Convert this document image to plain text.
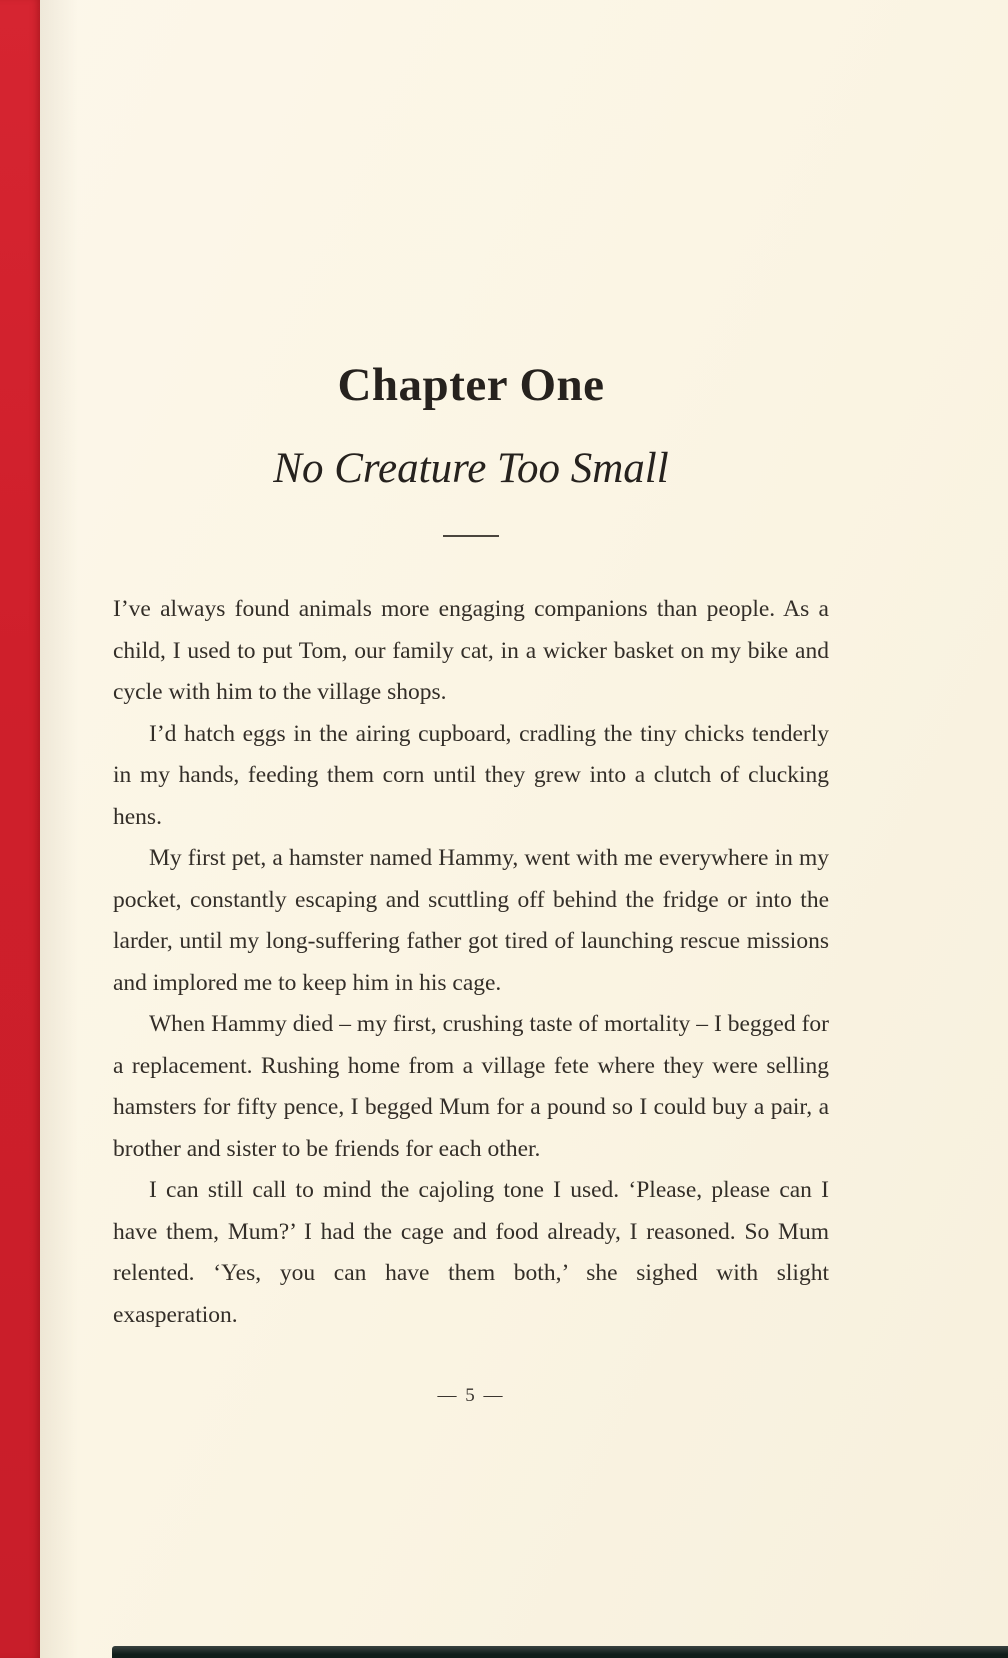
Chapter One
No Creature Too Small

I’ve always found animals more engaging companions than people. As a child, I used to put Tom, our family cat, in a wicker basket on my bike and cycle with him to the village shops.

I’d hatch eggs in the airing cupboard, cradling the tiny chicks tenderly in my hands, feeding them corn until they grew into a clutch of clucking hens.

My first pet, a hamster named Hammy, went with me everywhere in my pocket, constantly escaping and scuttling off behind the fridge or into the larder, until my long-suffering father got tired of launching rescue missions and implored me to keep him in his cage.

When Hammy died – my first, crushing taste of mortality – I begged for a replacement. Rushing home from a village fete where they were selling hamsters for fifty pence, I begged Mum for a pound so I could buy a pair, a brother and sister to be friends for each other.

I can still call to mind the cajoling tone I used. ‘Please, please can I have them, Mum?’ I had the cage and food already, I reasoned. So Mum relented. ‘Yes, you can have them both,’ she sighed with slight exasperation.

— 5 —
